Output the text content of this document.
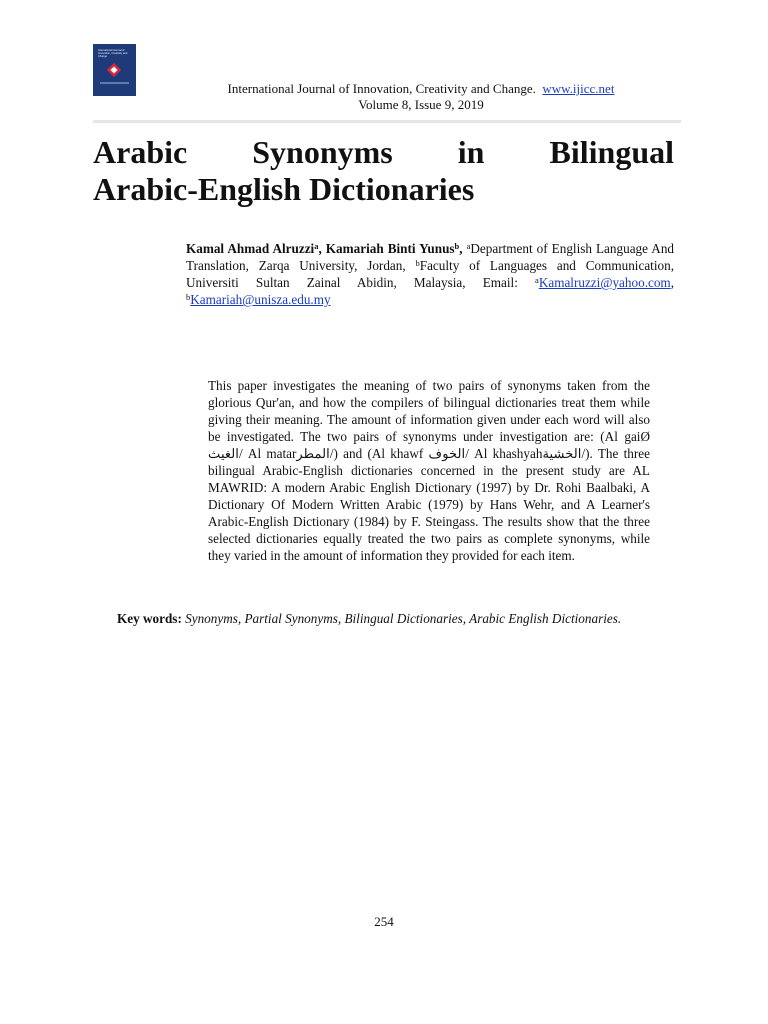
International Journal of Innovation, Creativity and Change
International Journal of Innovation, Creativity and Change. www.ijicc.net
Volume 8, Issue 9, 2019
Arabic Synonyms in Bilingual
Arabic-English Dictionaries
Kamal Ahmad Alruzzi$^a$, Kamariah Binti Yunus$^b$, $^a$Department of English Language And Translation, Zarqa University, Jordan, $^b$Faculty of Languages and Communication, Universiti Sultan Zainal Abidin, Malaysia, Email: $^a$Kamalruzzi@yahoo.com, $^b$Kamariah@unisza.edu.my
This paper investigates the meaning of two pairs of synonyms taken from the glorious Qur'an, and how the compilers of bilingual dictionaries treat them while giving their meaning. The amount of information given under each word will also be investigated. The two pairs of synonyms under investigation are: (Al gaiØ الغيث/ Al matarالمطر/) and (Al khawf الخوف/ Al khashyahالخشية/). The three bilingual Arabic-English dictionaries concerned in the present study are AL MAWRID: A modern Arabic English Dictionary (1997) by Dr. Rohi Baalbaki, A Dictionary Of Modern Written Arabic (1979) by Hans Wehr, and A Learner's Arabic-English Dictionary (1984) by F. Steingass. The results show that the three selected dictionaries equally treated the two pairs as complete synonyms, while they varied in the amount of information they provided for each item.
Key words: Synonyms, Partial Synonyms, Bilingual Dictionaries, Arabic English Dictionaries.
254
